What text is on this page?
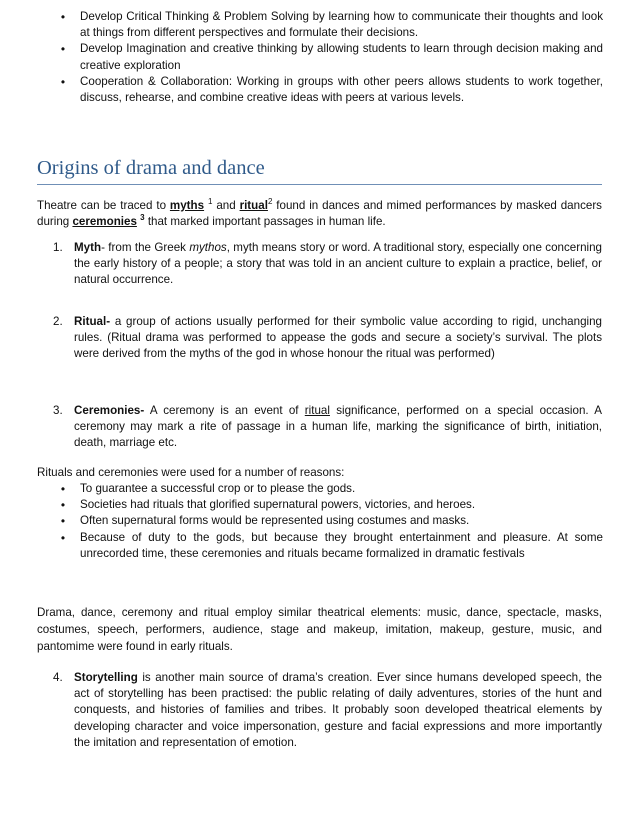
• Develop Critical Thinking & Problem Solving by learning how to communicate their thoughts and look at things from different perspectives and formulate their decisions.
• Develop Imagination and creative thinking by allowing students to learn through decision making and creative exploration
• Cooperation & Collaboration: Working in groups with other peers allows students to work together, discuss, rehearse, and combine creative ideas with peers at various levels.
Origins of drama and dance
Theatre can be traced to myths $^1$ and ritual$^2$ found in dances and mimed performances by masked dancers during ceremonies $^3$ that marked important passages in human life.
1. Myth- from the Greek mythos, myth means story or word. A traditional story, especially one concerning the early history of a people; a story that was told in an ancient culture to explain a practice, belief, or natural occurrence.
2. Ritual- a group of actions usually performed for their symbolic value according to rigid, unchanging rules. (Ritual drama was performed to appease the gods and secure a society’s survival. The plots were derived from the myths of the god in whose honour the ritual was performed)
3. Ceremonies- A ceremony is an event of ritual significance, performed on a special occasion. A ceremony may mark a rite of passage in a human life, marking the significance of birth, initiation, death, marriage etc.
Rituals and ceremonies were used for a number of reasons:
• To guarantee a successful crop or to please the gods.
• Societies had rituals that glorified supernatural powers, victories, and heroes.
• Often supernatural forms would be represented using costumes and masks.
• Because of duty to the gods, but because they brought entertainment and pleasure. At some unrecorded time, these ceremonies and rituals became formalized in dramatic festivals
Drama, dance, ceremony and ritual employ similar theatrical elements: music, dance, spectacle, masks, costumes, speech, performers, audience, stage and makeup, imitation, makeup, gesture, music, and pantomime were found in early rituals.
4. Storytelling is another main source of drama’s creation. Ever since humans developed speech, the act of storytelling has been practised: the public relating of daily adventures, stories of the hunt and conquests, and histories of families and tribes. It probably soon developed theatrical elements by developing character and voice impersonation, gesture and facial expressions and more importantly the imitation and representation of emotion.
